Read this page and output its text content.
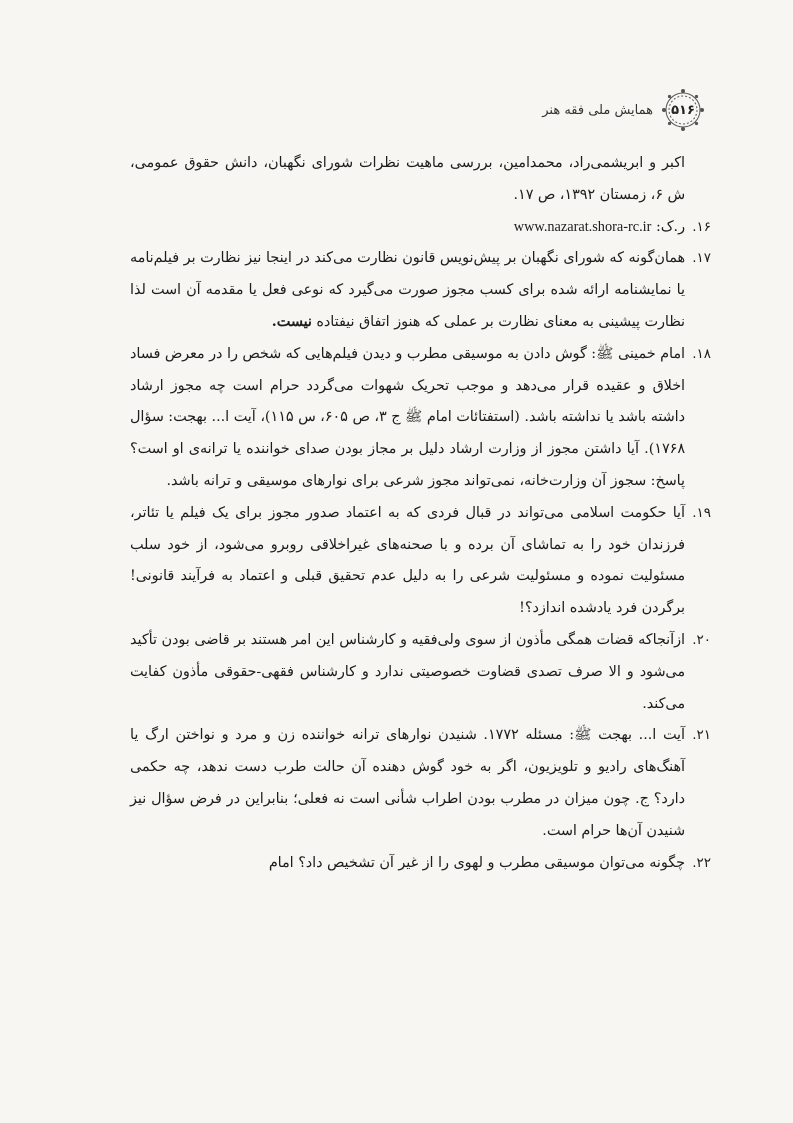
۵۱۶
همایش ملی فقه هنر

اکبر و ابریشمی‌راد، محمدامین، بررسی ماهیت نظرات شورای نگهبان، دانش حقوق عمومی، ش ۶، زمستان ۱۳۹۲، ص ۱۷.

۱۶.
ر.ک: www.nazarat.shora-rc.ir

۱۷.
همان‌گونه که شورای نگهبان بر پیش‌نویس قانون نظارت می‌کند در اینجا نیز نظارت بر فیلم‌نامه یا نمایشنامه ارائه شده برای کسب مجوز صورت می‌گیرد که نوعی فعل یا مقدمه آن است لذا نظارت پیشینی به معنای نظارت بر عملی که هنوز اتفاق نیفتاده نیست.

۱۸.
امام خمینی ﷺ: گوش دادن به موسیقی مطرب و دیدن فیلم‌هایی که شخص را در معرض فساد اخلاق و عقیده قرار می‌دهد و موجب تحریک شهوات می‌گردد حرام است چه مجوز ارشاد داشته باشد یا نداشته باشد. (استفتائات امام ﷺ ج ۳، ص ۶۰۵، س ۱۱۵)، آیت ا... بهجت: سؤال ۱۷۶۸). آیا داشتن مجوز از وزارت ارشاد دلیل بر مجاز بودن صدای خواننده یا ترانه‌ی او است؟ پاسخ: سجوز آن وزارت‌خانه، نمی‌تواند مجوز شرعی برای نوارهای موسیقی و ترانه باشد.

۱۹.
آیا حکومت اسلامی می‌تواند در قبال فردی که به اعتماد صدور مجوز برای یک فیلم یا تئاتر، فرزندان خود را به تماشای آن برده و با صحنه‌های غیراخلاقی روبرو می‌شود، از خود سلب مسئولیت نموده و مسئولیت شرعی را به دلیل عدم تحقیق قبلی و اعتماد به فرآیند قانونی! برگردن فرد یادشده اندازد؟!

۲۰.
ازآنجاکه قضات همگی مأذون از سوی ولی‌فقیه و کارشناس این امر هستند بر قاضی بودن تأکید می‌شود و الا صرف تصدی قضاوت خصوصیتی ندارد و کارشناس فقهی-حقوقی مأذون کفایت می‌کند.

۲۱.
آیت ا... بهجت ﷺ: مسئله ۱۷۷۲. شنیدن نوارهای ترانه خواننده زن و مرد و نواختن ارگ یا آهنگ‌های رادیو و تلویزیون، اگر به خود گوش دهنده آن حالت طرب دست ندهد، چه حکمی دارد؟ ج. چون میزان در مطرب بودن اطراب شأنی است نه فعلی؛ بنابراین در فرض سؤال نیز شنیدن آن‌ها حرام است.

۲۲.
چگونه می‌توان موسیقی مطرب و لهوی را از غیر آن تشخیص داد؟ امام
